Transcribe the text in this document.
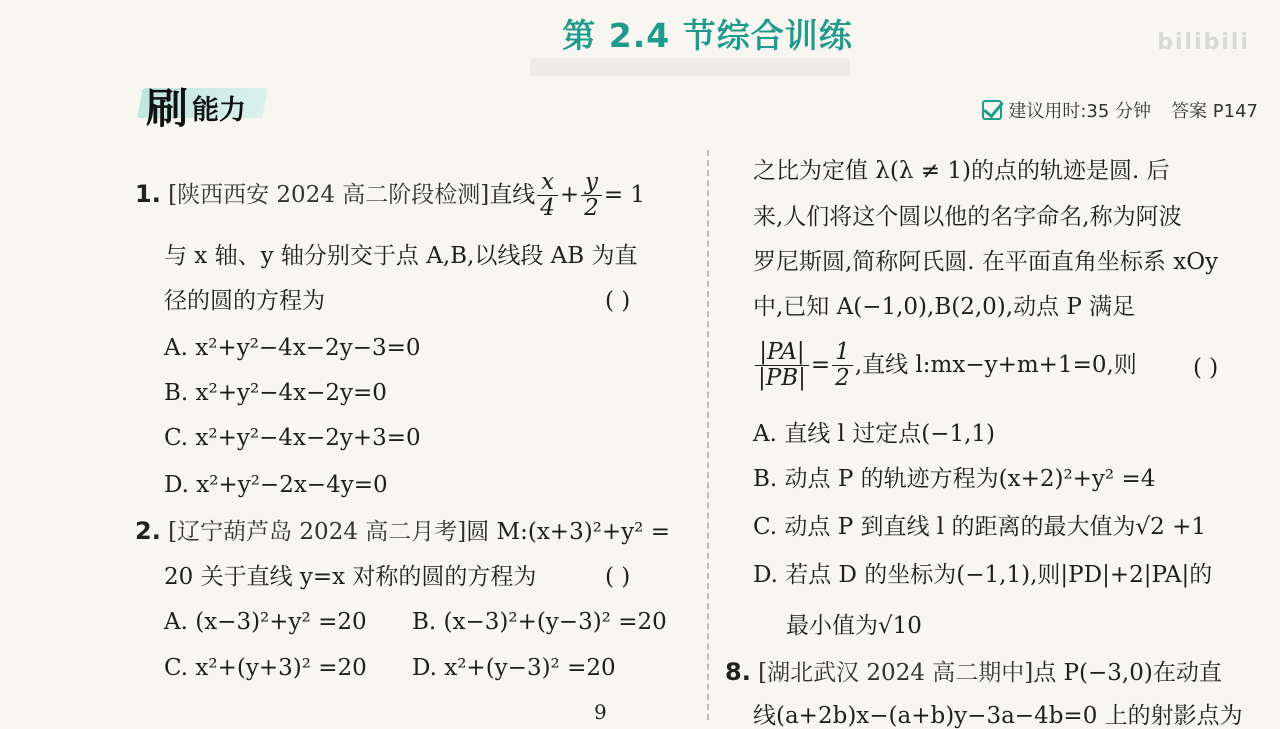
第 2.4 节综合训练	bilibili
刷 能力	建议用时:35 分钟 答案 P147
1. [陕西西安 2024 高二阶段检测]直线 $\frac{x}{4} + \frac{y}{2} = 1$
与 x 轴、y 轴分别交于点 A,B,以线段 AB 为直
径的圆的方程为	( )
A. x²+y²−4x−2y−3=0
B. x²+y²−4x−2y=0
C. x²+y²−4x−2y+3=0
D. x²+y²−2x−4y=0
2. [辽宁葫芦岛 2024 高二月考]圆 M:(x+3)²+y² =
20 关于直线 y=x 对称的圆的方程为	( )
A. (x−3)²+y² =20 B. (x−3)²+(y−3)² =20
C. x²+(y+3)² =20 D. x²+(y−3)² =20
9
之比为定值 λ(λ ≠ 1)的点的轨迹是圆. 后
来,人们将这个圆以他的名字命名,称为阿波
罗尼斯圆,简称阿氏圆. 在平面直角坐标系 xOy
中,已知 A(−1,0),B(2,0),动点 P 满足
$\frac{|PA|}{|PB|} = \frac{1}{2}$ ,直线 l:mx−y+m+1=0,则 ( )
A. 直线 l 过定点(−1,1)
B. 动点 P 的轨迹方程为(x+2)²+y² =4
C. 动点 P 到直线 l 的距离的最大值为√2 +1
D. 若点 D 的坐标为(−1,1),则|PD|+2|PA|的
最小值为√10
8. [湖北武汉 2024 高二期中]点 P(−3,0)在动直
线(a+2b)x−(a+b)y−3a−4b=0 上的射影点为
